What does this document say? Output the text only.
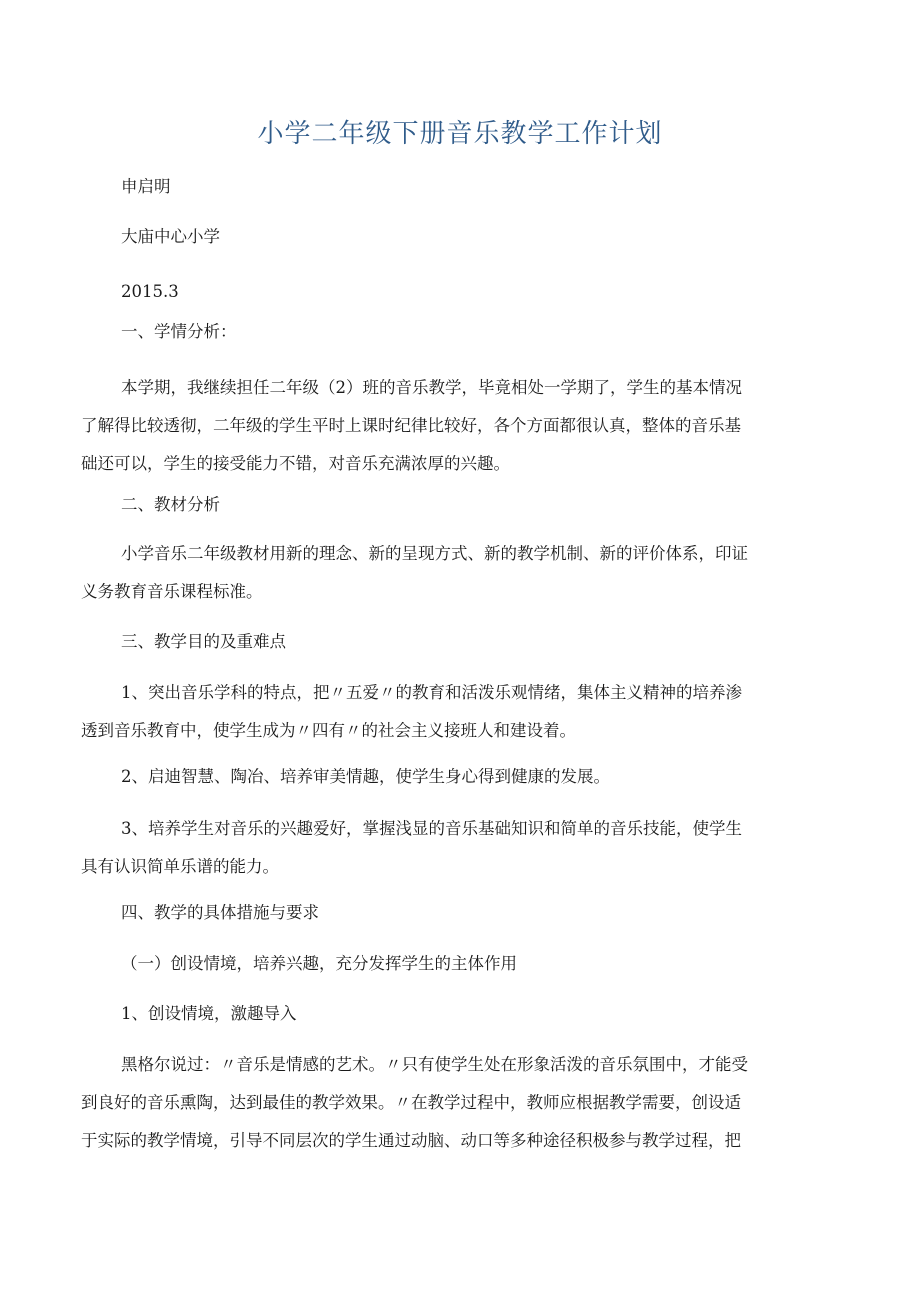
小学二年级下册音乐教学工作计划
申启明
大庙中心小学
2015.3
一、学情分析：
本学期，我继续担任二年级（2）班的音乐教学，毕竟相处一学期了，学生的基本情况
了解得比较透彻，二年级的学生平时上课时纪律比较好，各个方面都很认真，整体的音乐基
础还可以，学生的接受能力不错，对音乐充满浓厚的兴趣。
二、教材分析
小学音乐二年级教材用新的理念、新的呈现方式、新的教学机制、新的评价体系，印证
义务教育音乐课程标准。
三、教学目的及重难点
1、突出音乐学科的特点，把〃五爱〃的教育和活泼乐观情绪，集体主义精神的培养渗
透到音乐教育中，使学生成为〃四有〃的社会主义接班人和建设着。
2、启迪智慧、陶冶、培养审美情趣，使学生身心得到健康的发展。
3、培养学生对音乐的兴趣爱好，掌握浅显的音乐基础知识和简单的音乐技能，使学生
具有认识简单乐谱的能力。
四、教学的具体措施与要求
（一）创设情境，培养兴趣，充分发挥学生的主体作用
1、创设情境，激趣导入
黑格尔说过：〃音乐是情感的艺术。〃只有使学生处在形象活泼的音乐氛围中，才能受
到良好的音乐熏陶，达到最佳的教学效果。〃在教学过程中，教师应根据教学需要，创设适
于实际的教学情境，引导不同层次的学生通过动脑、动口等多种途径积极参与教学过程，把
